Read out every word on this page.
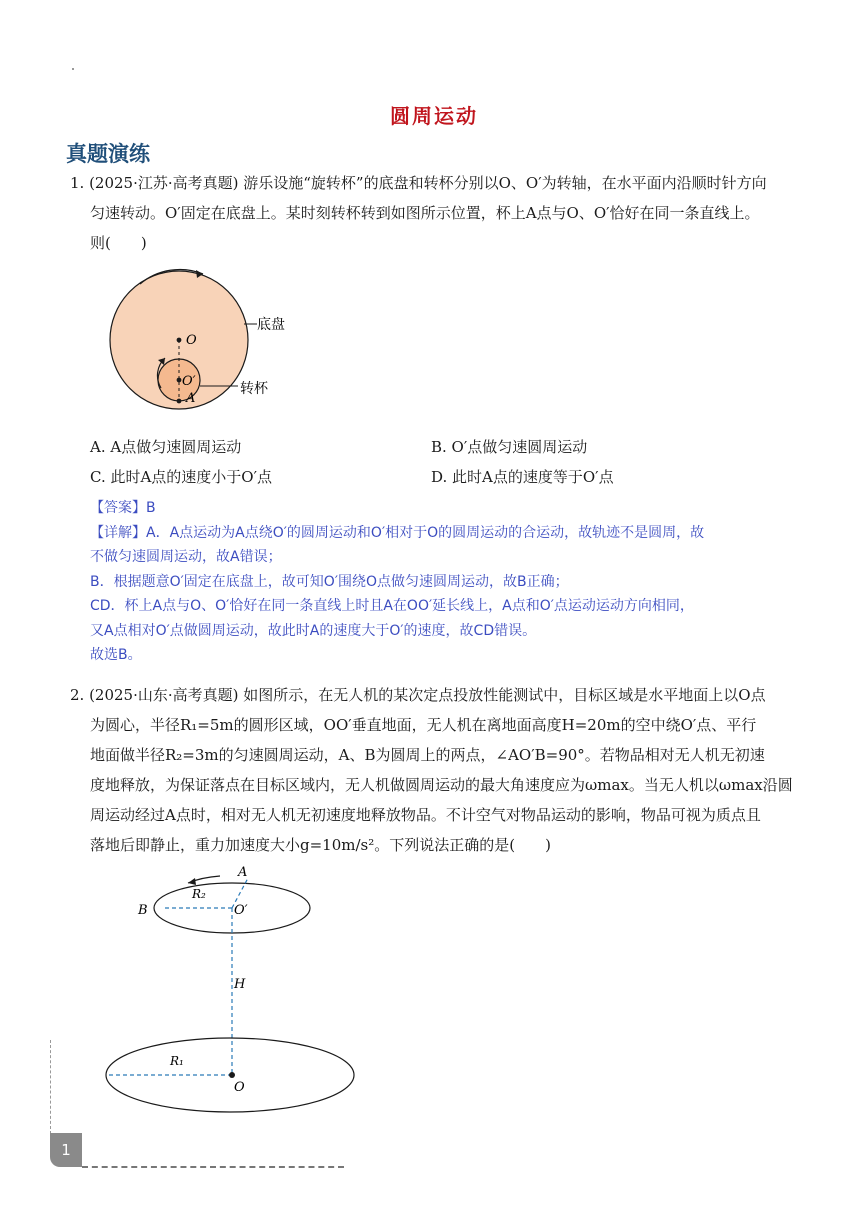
圆周运动
真题演练
1. (2025·江苏·高考真题) 游乐设施“旋转杯”的底盘和转杯分别以O、O′为转轴，在水平面内沿顺时针方向
匀速转动。O′固定在底盘上。某时刻转杯转到如图所示位置，杯上A点与O、O′恰好在同一条直线上。
则(　　)
O
O′
A
底盘
转杯
A. A点做匀速圆周运动	B. O′点做匀速圆周运动
C. 此时A点的速度小于O′点	D. 此时A点的速度等于O′点
【答案】B
【详解】A．A点运动为A点绕O′的圆周运动和O′相对于O的圆周运动的合运动，故轨迹不是圆周，故
不做匀速圆周运动，故A错误；
B．根据题意O′固定在底盘上，故可知O′围绕O点做匀速圆周运动，故B正确；
CD．杯上A点与O、O′恰好在同一条直线上时且A在OO′延长线上，A点和O′点运动运动方向相同，
又A点相对O′点做圆周运动，故此时A的速度大于O′的速度，故CD错误。
故选B。
2. (2025·山东·高考真题) 如图所示，在无人机的某次定点投放性能测试中，目标区域是水平地面上以O点
为圆心，半径R₁=5m的圆形区域，OO′垂直地面，无人机在离地面高度H=20m的空中绕O′点、平行
地面做半径R₂=3m的匀速圆周运动，A、B为圆周上的两点，∠AO′B=90°。若物品相对无人机无初速
度地释放，为保证落点在目标区域内，无人机做圆周运动的最大角速度应为ωmax。当无人机以ωmax沿圆
周运动经过A点时，相对无人机无初速度地释放物品。不计空气对物品运动的影响，物品可视为质点且
落地后即静止，重力加速度大小g=10m/s²。下列说法正确的是(　　)
A
B	O′
R₂
H
R₁
O
1
